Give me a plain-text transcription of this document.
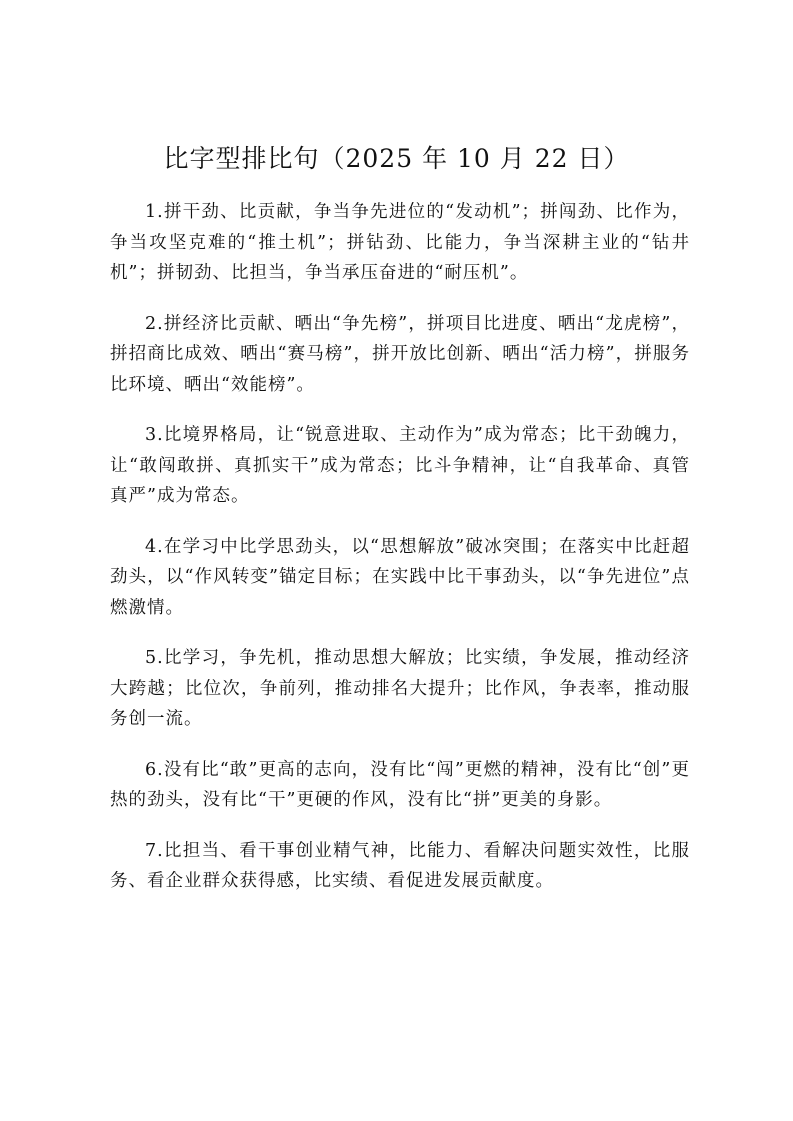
比字型排比句（2025 年 10 月 22 日）

1.拼干劲、比贡献，争当争先进位的“发动机”；拼闯劲、比作为，争当攻坚克难的“推土机”；拼钻劲、比能力，争当深耕主业的“钻井机”；拼韧劲、比担当，争当承压奋进的“耐压机”。

2.拼经济比贡献、晒出“争先榜”，拼项目比进度、晒出“龙虎榜”，拼招商比成效、晒出“赛马榜”，拼开放比创新、晒出“活力榜”，拼服务比环境、晒出“效能榜”。

3.比境界格局，让“锐意进取、主动作为”成为常态；比干劲魄力，让“敢闯敢拼、真抓实干”成为常态；比斗争精神，让“自我革命、真管真严”成为常态。

4.在学习中比学思劲头，以“思想解放”破冰突围；在落实中比赶超劲头，以“作风转变”锚定目标；在实践中比干事劲头，以“争先进位”点燃激情。

5.比学习，争先机，推动思想大解放；比实绩，争发展，推动经济大跨越；比位次，争前列，推动排名大提升；比作风，争表率，推动服务创一流。

6.没有比“敢”更高的志向，没有比“闯”更燃的精神，没有比“创”更热的劲头，没有比“干”更硬的作风，没有比“拼”更美的身影。

7.比担当、看干事创业精气神，比能力、看解决问题实效性，比服务、看企业群众获得感，比实绩、看促进发展贡献度。
